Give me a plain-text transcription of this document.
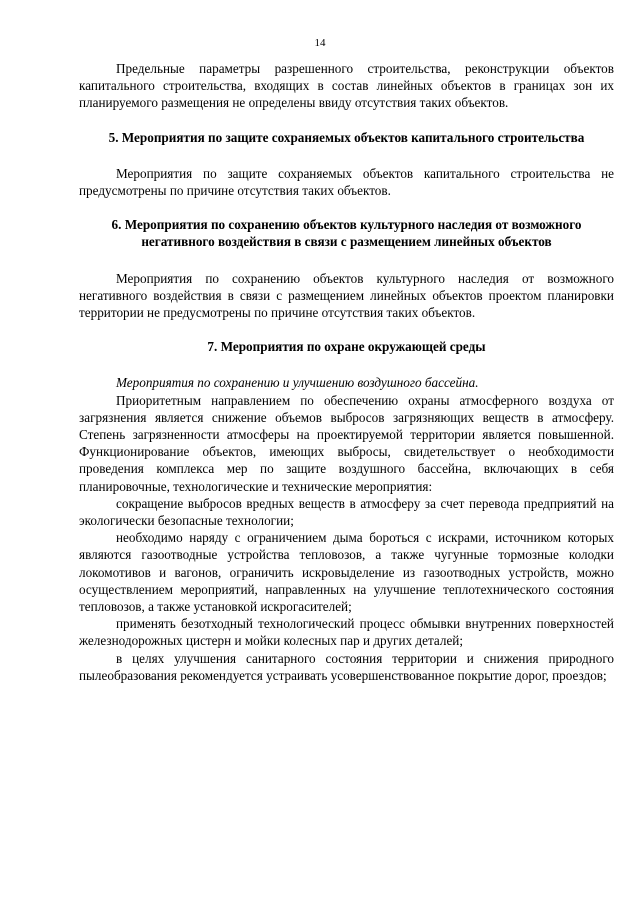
14

Предельные параметры разрешенного строительства, реконструкции объектов капитального строительства, входящих в состав линейных объектов в границах зон их планируемого размещения не определены ввиду отсутствия таких объектов.

5. Мероприятия по защите сохраняемых объектов капитального строительства

Мероприятия по защите сохраняемых объектов капитального строительства не предусмотрены по причине отсутствия таких объектов.

6. Мероприятия по сохранению объектов культурного наследия от возможного негативного воздействия в связи с размещением линейных объектов

Мероприятия по сохранению объектов культурного наследия от возможного негативного воздействия в связи с размещением линейных объектов проектом планировки территории не предусмотрены по причине отсутствия таких объектов.

7. Мероприятия по охране окружающей среды

Мероприятия по сохранению и улучшению воздушного бассейна.

Приоритетным направлением по обеспечению охраны атмосферного воздуха от загрязнения является снижение объемов выбросов загрязняющих веществ в атмосферу. Степень загрязненности атмосферы на проектируемой территории является повышенной. Функционирование объектов, имеющих выбросы, свидетельствует о необходимости проведения комплекса мер по защите воздушного бассейна, включающих в себя планировочные, технологические и технические мероприятия:

сокращение выбросов вредных веществ в атмосферу за счет перевода предприятий на экологически безопасные технологии;

необходимо наряду с ограничением дыма бороться с искрами, источником которых являются газоотводные устройства тепловозов, а также чугунные тормозные колодки локомотивов и вагонов, ограничить искровыделение из газоотводных устройств, можно осуществлением мероприятий, направленных на улучшение теплотехнического состояния тепловозов, а также установкой искрогасителей;

применять безотходный технологический процесс обмывки внутренних поверхностей железнодорожных цистерн и мойки колесных пар и других деталей;

в целях улучшения санитарного состояния территории и снижения природного пылеобразования рекомендуется устраивать усовершенствованное покрытие дорог, проездов;
